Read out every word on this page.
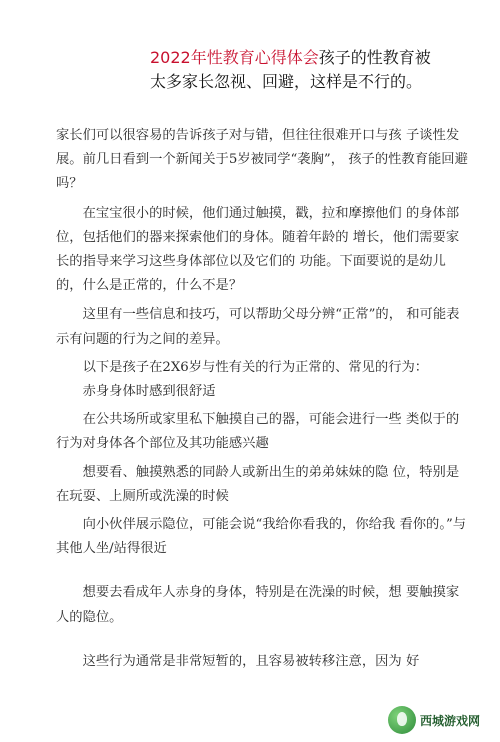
2022年性教育心得体会孩子的性教育被
太多家长忽视、回避，这样是不行的。

家长们可以很容易的告诉孩子对与错，但往往很难开口与孩 子谈性发展。前几日看到一个新闻关于5岁被同学“袭胸”， 孩子的性教育能回避吗？

在宝宝很小的时候，他们通过触摸，戳，拉和摩擦他们 的身体部位，包括他们的器来探索他们的身体。随着年龄的 增长，他们需要家长的指导来学习这些身体部位以及它们的 功能。下面要说的是幼儿的，什么是正常的，什么不是？

这里有一些信息和技巧，可以帮助父母分辨“正常”的， 和可能表示有问题的行为之间的差异。

以下是孩子在2X6岁与性有关的行为正常的、常见的行为：

赤身身体时感到很舒适

在公共场所或家里私下触摸自己的器，可能会进行一些 类似于的行为对身体各个部位及其功能感兴趣

想要看、触摸熟悉的同龄人或新出生的弟弟妹妹的隐 位，特别是在玩耍、上厕所或洗澡的时候

向小伙伴展示隐位，可能会说“我给你看我的，你给我 看你的。”与其他人坐/站得很近

想要去看成年人赤身的身体，特别是在洗澡的时候，想 要触摸家人的隐位。

这些行为通常是非常短暂的，且容易被转移注意，因为 好

西城游戏网
